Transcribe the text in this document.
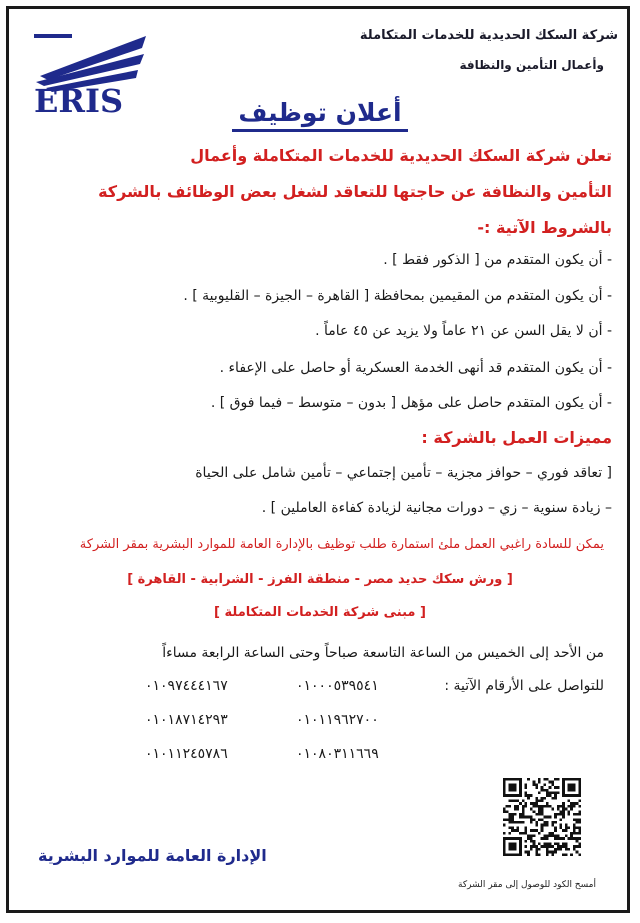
ERIS
شركة السكك الحديدية للخدمات المتكاملة
وأعمال التأمين والنظافة
أعلان توظيف
تعلن شركة السكك الحديدية للخدمات المتكاملة وأعمال
التأمين والنظافة عن حاجتها للتعاقد لشغل بعض الوظائف بالشركة
بالشروط الآتية :-
- أن يكون المتقدم من [ الذكور فقط ] .
- أن يكون المتقدم من المقيمين بمحافظة [ القاهرة – الجيزة – القليوبية ] .
- أن لا يقل السن عن ٢١ عاماً ولا يزيد عن ٤٥ عاماً .
- أن يكون المتقدم قد أنهى الخدمة العسكرية أو حاصل على الإعفاء .
- أن يكون المتقدم حاصل على مؤهل [ بدون – متوسط – فيما فوق ] .
مميزات العمل بالشركة :
[ تعاقد فوري – حوافز مجزية – تأمين إجتماعي – تأمين شامل على الحياة
– زيادة سنوية – زي – دورات مجانية لزيادة كفاءة العاملين ] .
يمكن للسادة راغبي العمل ملئ استمارة طلب توظيف بالإدارة العامة للموارد البشرية بمقر الشركة
[ ورش سكك حديد مصر - منطقة الفرز - الشرابية - القاهرة ]
[ مبنى شركة الخدمات المتكاملة ]
من الأحد إلى الخميس من الساعة التاسعة صباحاً وحتى الساعة الرابعة مساءاً
للتواصل على الأرقام الآتية :
٠١٠٠٠٥٣٩٥٤١
٠١٠٩٧٤٤٤١٦٧
٠١٠١١٩٦٢٧٠٠
٠١٠١٨٧١٤٢٩٣
٠١٠٨٠٣١١٦٦٩
٠١٠١١٢٤٥٧٨٦
أمسح الكود للوصول إلى مقر الشركة
الإدارة العامة للموارد البشرية
